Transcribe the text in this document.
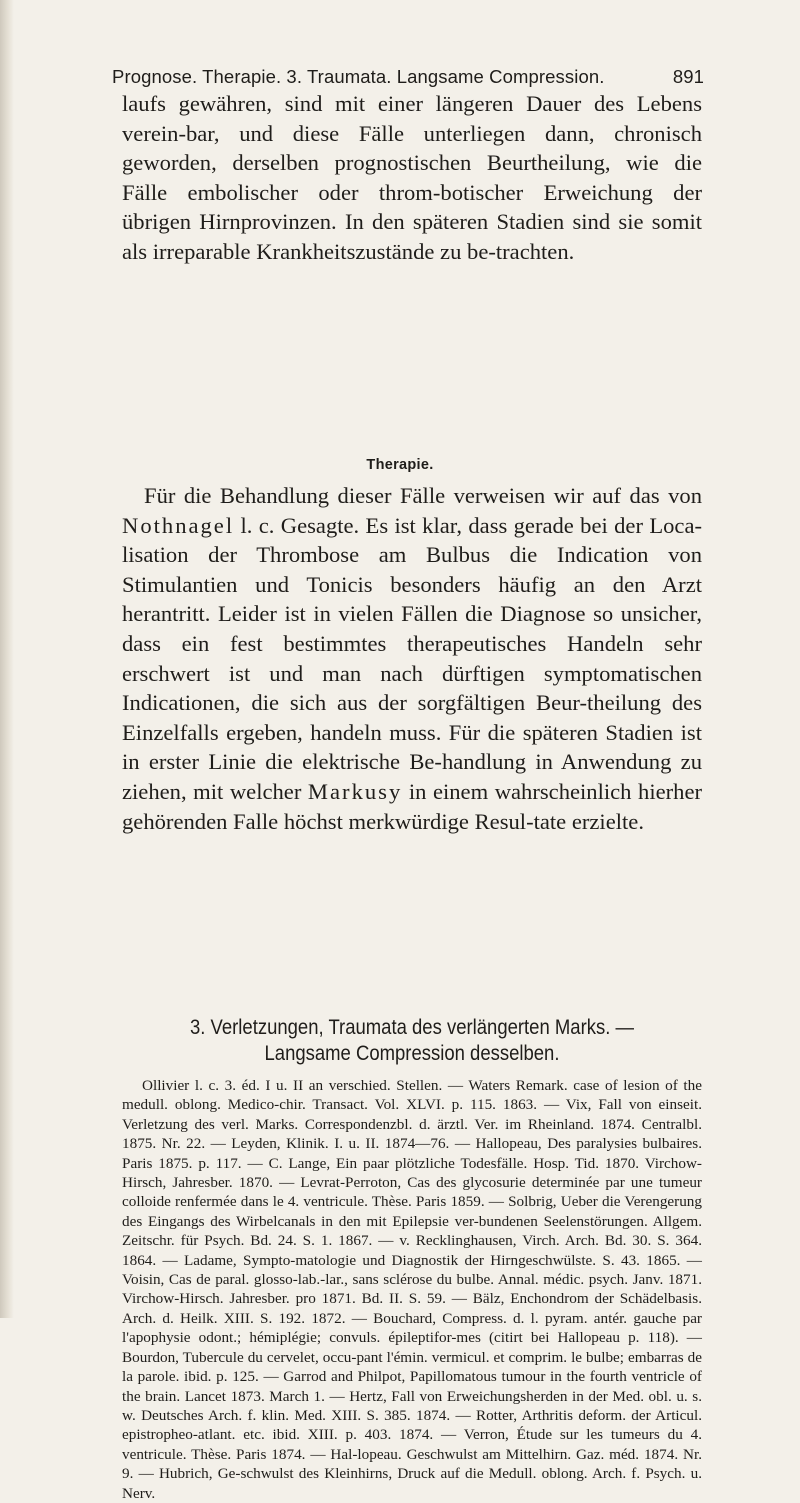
Prognose. Therapie. 3. Traumata. Langsame Compression.	891

laufs gewähren, sind mit einer längeren Dauer des Lebens verein-bar, und diese Fälle unterliegen dann, chronisch geworden, derselben prognostischen Beurtheilung, wie die Fälle embolischer oder throm-botischer Erweichung der übrigen Hirnprovinzen. In den späteren Stadien sind sie somit als irreparable Krankheitszustände zu be-trachten.

Therapie.

Für die Behandlung dieser Fälle verweisen wir auf das von Nothnagel l. c. Gesagte. Es ist klar, dass gerade bei der Loca-lisation der Thrombose am Bulbus die Indication von Stimulantien und Tonicis besonders häufig an den Arzt herantritt. Leider ist in vielen Fällen die Diagnose so unsicher, dass ein fest bestimmtes therapeutisches Handeln sehr erschwert ist und man nach dürftigen symptomatischen Indicationen, die sich aus der sorgfältigen Beur-theilung des Einzelfalls ergeben, handeln muss. Für die späteren Stadien ist in erster Linie die elektrische Be-handlung in Anwendung zu ziehen, mit welcher Markusy in einem wahrscheinlich hierher gehörenden Falle höchst merkwürdige Resul-tate erzielte.

3. Verletzungen, Traumata des verlängerten Marks. — Langsame Compression desselben.

Ollivier l. c. 3. éd. I u. II an verschied. Stellen. — Waters Remark. case of lesion of the medull. oblong. Medico-chir. Transact. Vol. XLVI. p. 115. 1863. — Vix, Fall von einseit. Verletzung des verl. Marks. Correspondenzbl. d. ärztl. Ver. im Rheinland. 1874. Centralbl. 1875. Nr. 22. — Leyden, Klinik. I. u. II. 1874—76. — Hallopeau, Des paralysies bulbaires. Paris 1875. p. 117. — C. Lange, Ein paar plötzliche Todesfälle. Hosp. Tid. 1870. Virchow-Hirsch, Jahresber. 1870. — Levrat-Perroton, Cas des glycosurie determinée par une tumeur colloide renfermée dans le 4. ventricule. Thèse. Paris 1859. — Solbrig, Ueber die Verengerung des Eingangs des Wirbelcanals in den mit Epilepsie ver-bundenen Seelenstörungen. Allgem. Zeitschr. für Psych. Bd. 24. S. 1. 1867. — v. Recklinghausen, Virch. Arch. Bd. 30. S. 364. 1864. — Ladame, Sympto-matologie und Diagnostik der Hirngeschwülste. S. 43. 1865. — Voisin, Cas de paral. glosso-lab.-lar., sans sclérose du bulbe. Annal. médic. psych. Janv. 1871. Virchow-Hirsch. Jahresber. pro 1871. Bd. II. S. 59. — Bälz, Enchondrom der Schädelbasis. Arch. d. Heilk. XIII. S. 192. 1872. — Bouchard, Compress. d. l. pyram. antér. gauche par l'apophysie odont.; hémiplégie; convuls. épileptifor-mes (citirt bei Hallopeau p. 118). — Bourdon, Tubercule du cervelet, occu-pant l'émin. vermicul. et comprim. le bulbe; embarras de la parole. ibid. p. 125. — Garrod and Philpot, Papillomatous tumour in the fourth ventricle of the brain. Lancet 1873. March 1. — Hertz, Fall von Erweichungsherden in der Med. obl. u. s. w. Deutsches Arch. f. klin. Med. XIII. S. 385. 1874. — Rotter, Arthritis deform. der Articul. epistropheo-atlant. etc. ibid. XIII. p. 403. 1874. — Verron, Étude sur les tumeurs du 4. ventricule. Thèse. Paris 1874. — Hal-lopeau. Geschwulst am Mittelhirn. Gaz. méd. 1874. Nr. 9. — Hubrich, Ge-schwulst des Kleinhirns, Druck auf die Medull. oblong. Arch. f. Psych. u. Nerv.
